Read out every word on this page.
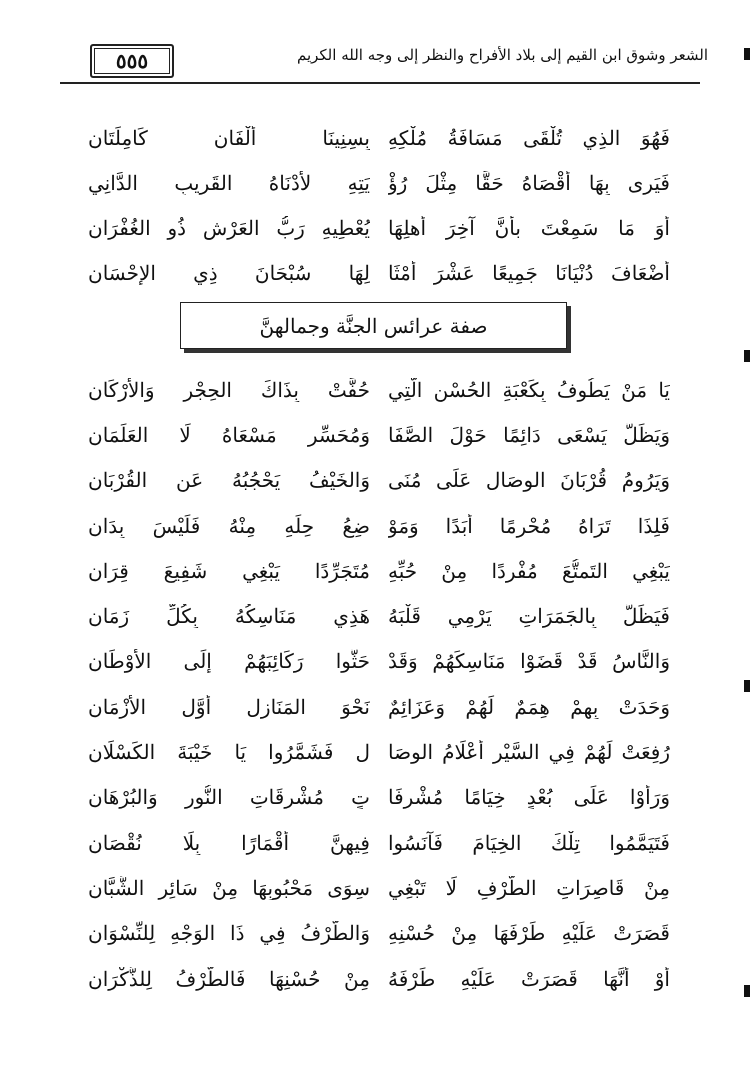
٥٥٥	الشعر وشوق ابن القيم إلى بلاد الأفراح والنظر إلى وجه الله الكريم
فَهُوَ الذِي تُلْقَى مَسَافَةُ مُلْكِهِ
بِسِنِينَا أَلْفَانِ كَامِلَتَانِ
فَيَرى بِهَا أَقْصَاهُ حَقًّا مِثْلَ رُؤْ
يَتِهِ لأدْنَاهُ القَرِيبِ الدَّانِي
أَوَ مَا سَمِعْتَ بأنَّ آخِرَ أَهلِهَا
يُعْطِيهِ رَبُّ العَرْشِ ذُو الغُفْرَانِ
أَضْعَافَ دُنْيَانَا جَمِيعًا عَشْرَ أَمْثَا
لِهَا سُبْحَانَ ذِي الإِحْسَانِ
صفة عرائس الجنَّة وجمالهنَّ
يَا مَنْ يَطُوفُ بِكَعْبَةِ الحُسْنِ الَّتِي
حُفَّتْ بِذَاكَ الحِجْرِ وَالأرْكَانِ
وَيَظَلُّ يَسْعَى دَائِمًا حَوْلَ الصَّفَا
وَمُحَسِّرٍ مَسْعَاهُ لَا العَلَمَانِ
وَيَرُومُ قُرْبَانَ الوِصَالِ عَلَى مُنَى
وَالخَيْفُ يَحْجُبُهُ عَنِ القُرْبَانِ
فَلِذَا تَرَاهُ مُحْرِمًا أَبَدًا وَمَوْ
ضِعُ حِلِّهِ مِنْهُ فَلَيْسَ بِدَانِ
يَبْغِي التَمتُّعَ مُفْرِدًا مِنْ حُبِّهِ
مُتَجَرِّدًا يَبْغِي شَفِيعَ قِرَانِ
فَيَظَلُّ بِالجَمَرَاتِ يَرْمِي قَلْبَهُ
هَذِي مَنَاسِكُهُ بِكُلِّ زَمَانِ
وَالنَّاسُ قَدْ قَضَوْا مَنَاسِكَهُمْ وَقَدْ
حَثُّوا رَكَائِبَهُمْ إِلَى الأَوْطَانِ
وَحَدَتْ بِهِمْ هِمَمٌ لَهُمْ وَعَزَائِمٌ
نَحْوَ المَنَازِلِ أَوَّلِ الأَزْمَانِ
رُفِعَتْ لَهُمْ فِي السَّيْرِ أَعْلَامُ الوِصَا
لِ فَشَمَّرُوا يَا خَيْبَةَ الكَسْلَانِ
وَرَأَوْا عَلَى بُعْدٍ خِيَامًا مُشْرِفَا
تٍ مُشْرِقَاتِ النُّورِ وَالبُرْهَانِ
فَتَيَمَّمُوا تِلْكَ الخِيَامَ فَآنَسُوا
فِيهِنَّ أَقْمَارًا بِلَا نُقْصَانِ
مِنْ قَاصِرَاتِ الطَّرْفِ لَا تَبْغِي
سِوَى مَحْبُوبِهَا مِنْ سَائِرِ الشُّبَّانِ
قَصَرَتْ عَلَيْهِ طَرْفَهَا مِنْ حُسْنِهِ
وَالطَّرْفُ فِي ذَا الوَجْهِ لِلنِّسْوَانِ
أَوْ أَنَّهَا قَصَرَتْ عَلَيْهِ طَرْفَهُ
مِنْ حُسْنِهَا فَالطَّرْفُ لِلذُّكْرَانِ
